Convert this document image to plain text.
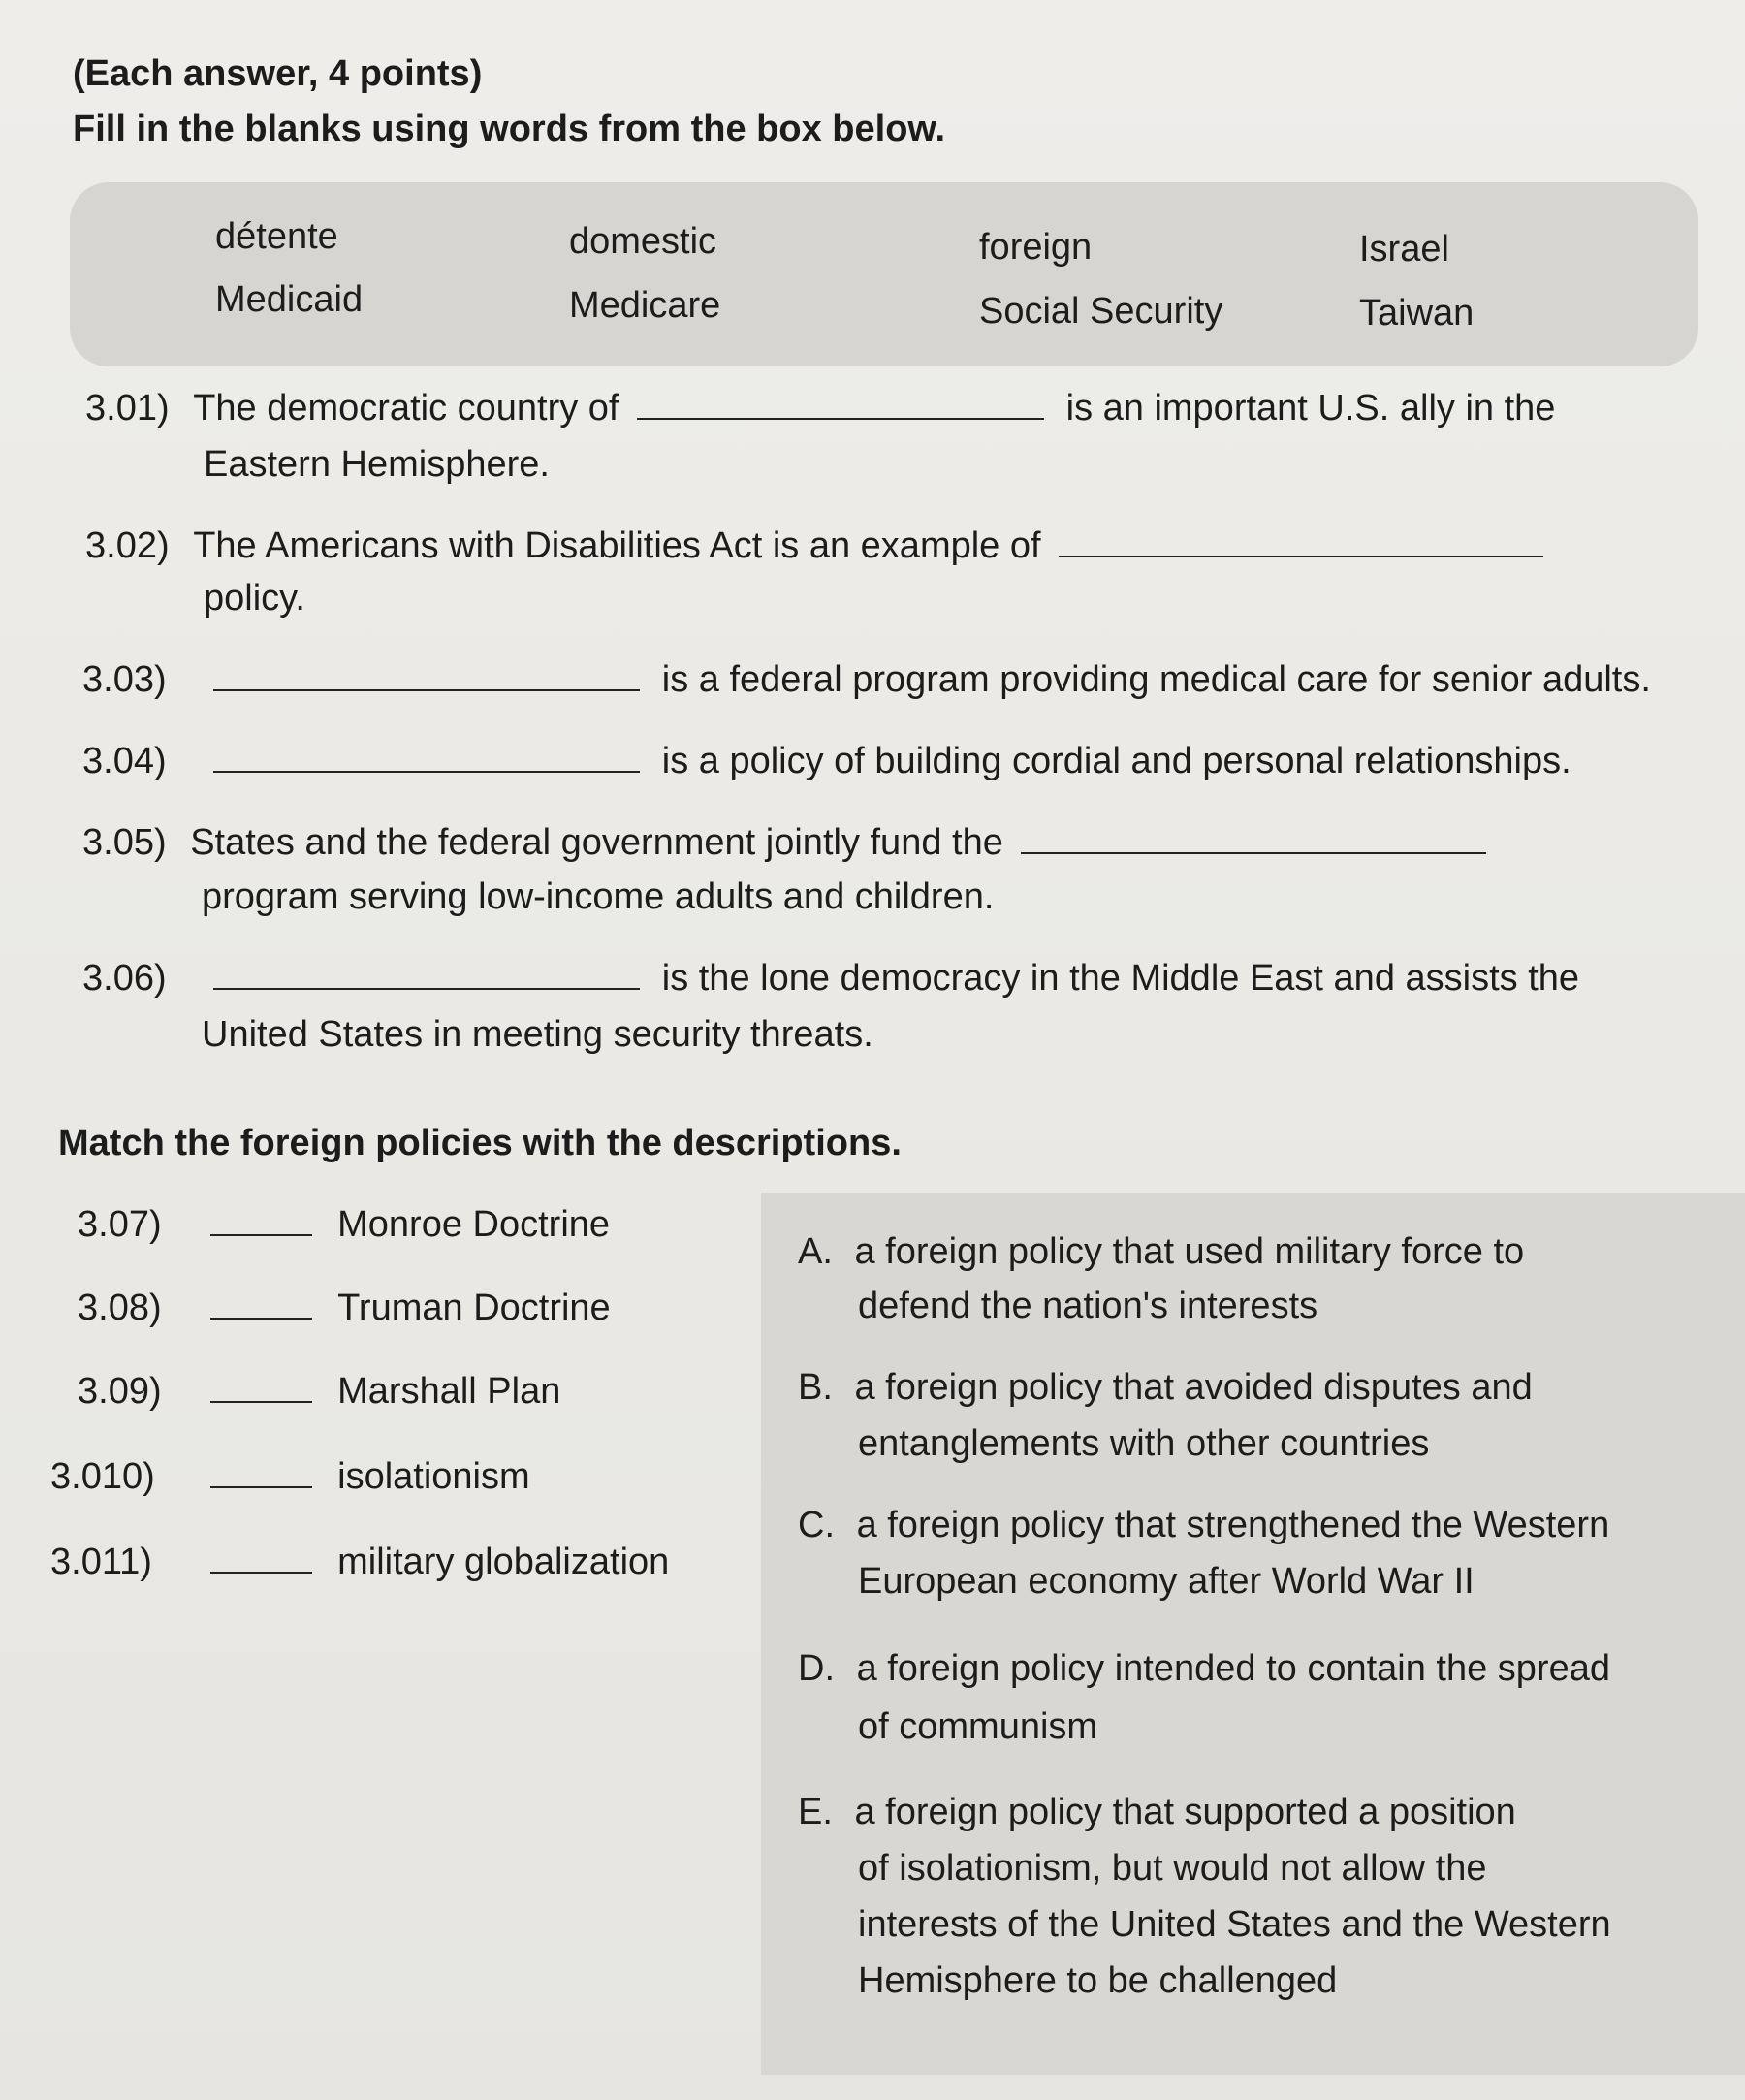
(Each answer, 4 points)
Fill in the blanks using words from the box below.
détente	domestic	foreign	Israel
Medicaid	Medicare	Social Security	Taiwan
3.01) The democratic country of	is an important U.S. ally in the
Eastern Hemisphere.
3.02) The Americans with Disabilities Act is an example of
policy.
3.03)	is a federal program providing medical care for senior adults.
3.04)	is a policy of building cordial and personal relationships.
3.05) States and the federal government jointly fund the
program serving low-income adults and children.
3.06)	is the lone democracy in the Middle East and assists the
United States in meeting security threats.
Match the foreign policies with the descriptions.
A. a foreign policy that used military force to
defend the nation's interests
B. a foreign policy that avoided disputes and
entanglements with other countries
C. a foreign policy that strengthened the Western
European economy after World War II
D. a foreign policy intended to contain the spread
of communism
E. a foreign policy that supported a position
of isolationism, but would not allow the
interests of the United States and the Western
Hemisphere to be challenged
3.07)	Monroe Doctrine
3.08)	Truman Doctrine
3.09)	Marshall Plan
3.010)	isolationism
3.011)	military globalization
